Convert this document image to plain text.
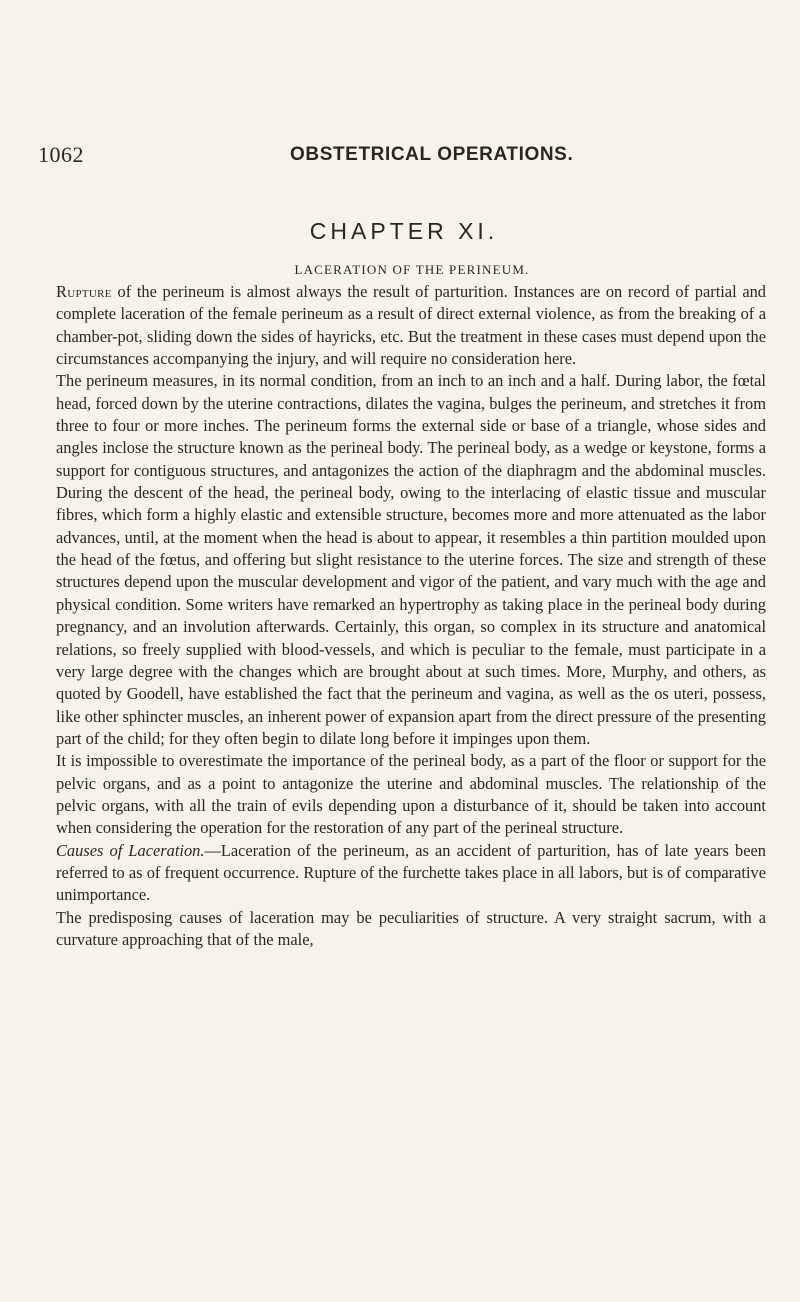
1062	OBSTETRICAL OPERATIONS.
CHAPTER XI.
LACERATION OF THE PERINEUM.

Rupture of the perineum is almost always the result of parturition. Instances are on record of partial and complete laceration of the female perineum as a result of direct external violence, as from the breaking of a chamber-pot, sliding down the sides of hayricks, etc. But the treatment in these cases must depend upon the circumstances accompanying the injury, and will require no consideration here.

The perineum measures, in its normal condition, from an inch to an inch and a half. During labor, the fœtal head, forced down by the uterine contractions, dilates the vagina, bulges the perineum, and stretches it from three to four or more inches. The perineum forms the external side or base of a triangle, whose sides and angles inclose the structure known as the perineal body. The perineal body, as a wedge or keystone, forms a support for contiguous structures, and antagonizes the action of the diaphragm and the abdominal muscles. During the descent of the head, the perineal body, owing to the interlacing of elastic tissue and muscular fibres, which form a highly elastic and extensible structure, becomes more and more attenuated as the labor advances, until, at the moment when the head is about to appear, it resembles a thin partition moulded upon the head of the fœtus, and offering but slight resistance to the uterine forces. The size and strength of these structures depend upon the muscular development and vigor of the patient, and vary much with the age and physical condition. Some writers have remarked an hypertrophy as taking place in the perineal body during pregnancy, and an involution afterwards. Certainly, this organ, so complex in its structure and anatomical relations, so freely supplied with blood-vessels, and which is peculiar to the female, must participate in a very large degree with the changes which are brought about at such times. More, Murphy, and others, as quoted by Goodell, have established the fact that the perineum and vagina, as well as the os uteri, possess, like other sphincter muscles, an inherent power of expansion apart from the direct pressure of the presenting part of the child; for they often begin to dilate long before it impinges upon them.

It is impossible to overestimate the importance of the perineal body, as a part of the floor or support for the pelvic organs, and as a point to antagonize the uterine and abdominal muscles. The relationship of the pelvic organs, with all the train of evils depending upon a disturbance of it, should be taken into account when considering the operation for the restoration of any part of the perineal structure.

Causes of Laceration.—Laceration of the perineum, as an accident of parturition, has of late years been referred to as of frequent occurrence. Rupture of the furchette takes place in all labors, but is of comparative unimportance.

The predisposing causes of laceration may be peculiarities of structure. A very straight sacrum, with a curvature approaching that of the male,
